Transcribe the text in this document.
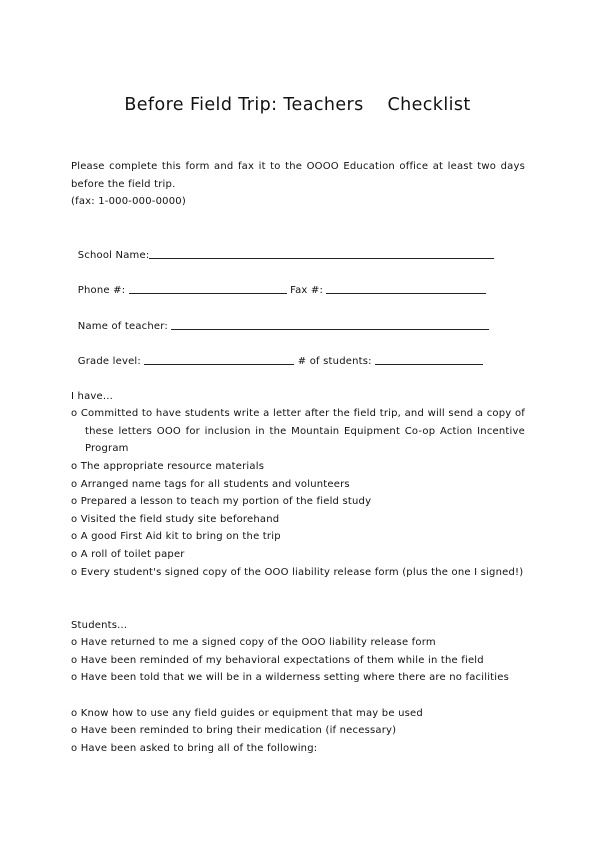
Before Field Trip: Teachers    Checklist
Please complete this form and fax it to the OOOO Education office at least two days before the field trip.
(fax: 1-000-000-0000)

School Name:

Phone #:	Fax #:

Name of teacher:

Grade level:	# of students:

I have...
o Committed to have students write a letter after the field trip, and will send a copy of these letters OOO for inclusion in the Mountain Equipment Co-op Action Incentive Program
o The appropriate resource materials
o Arranged name tags for all students and volunteers
o Prepared a lesson to teach my portion of the field study
o Visited the field study site beforehand
o A good First Aid kit to bring on the trip
o A roll of toilet paper
o Every student's signed copy of the OOO liability release form (plus the one I signed!)
Students...
o Have returned to me a signed copy of the OOO liability release form
o Have been reminded of my behavioral expectations of them while in the field
o Have been told that we will be in a wilderness setting where there are no facilities
o Know how to use any field guides or equipment that may be used
o Have been reminded to bring their medication (if necessary)
o Have been asked to bring all of the following:
